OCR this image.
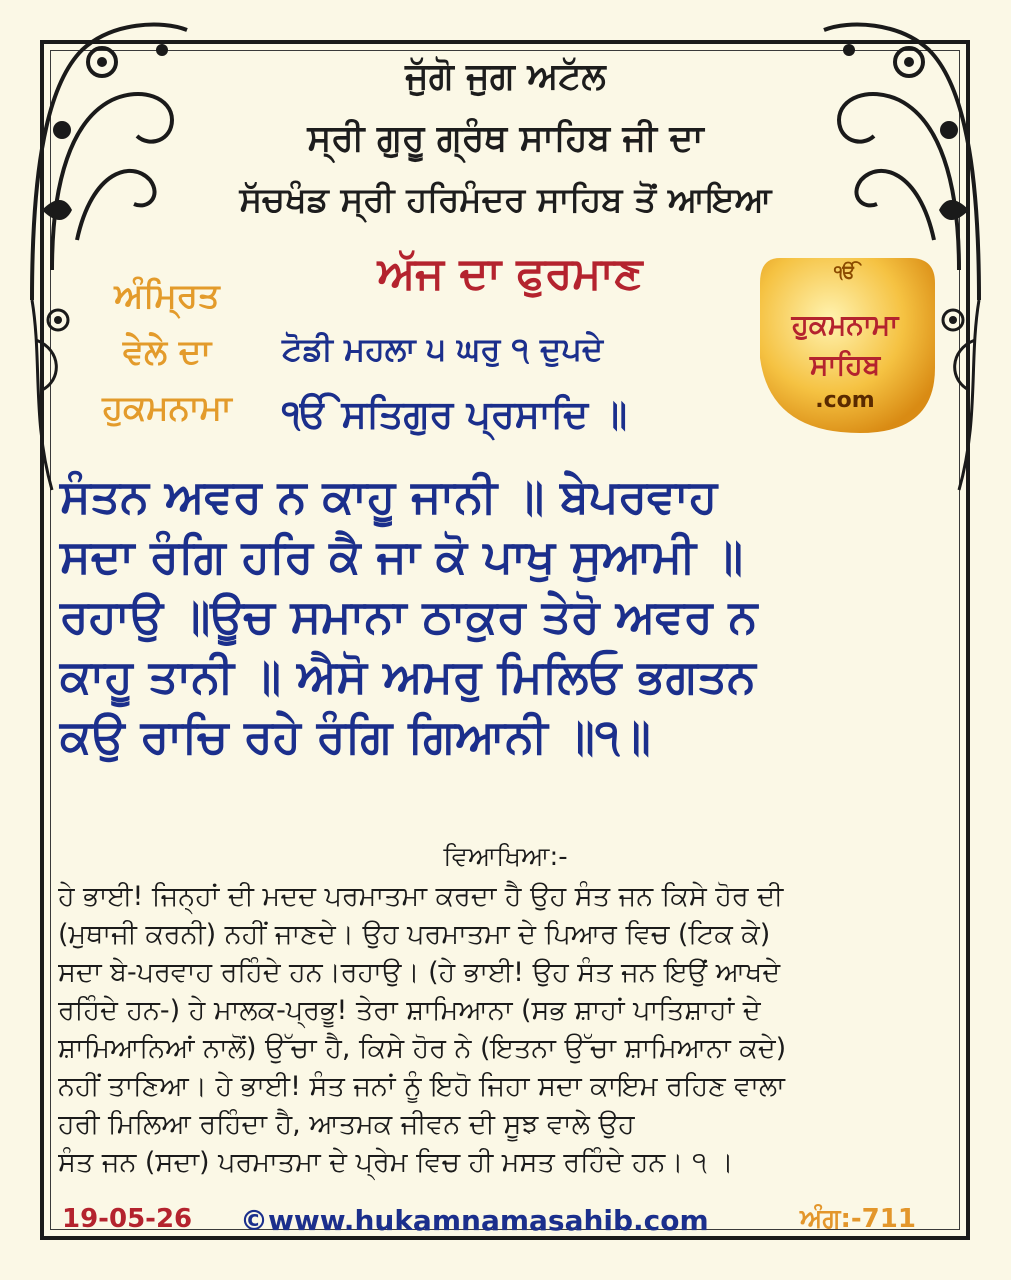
ਜੁੱਗੋ ਜੁਗ ਅਟੱਲ
ਸ੍ਰੀ ਗੁਰੂ ਗ੍ਰੰਥ ਸਾਹਿਬ ਜੀ ਦਾ
ਸੱਚਖੰਡ ਸ੍ਰੀ ਹਰਿਮੰਦਰ ਸਾਹਿਬ ਤੋਂ ਆਇਆ
ਅੱਜ ਦਾ ਫੁਰਮਾਣ
ਅੰਮ੍ਰਿਤ
ਵੇਲੇ ਦਾ
ਹੁਕਮਨਾਮਾ
ਟੋਡੀ ਮਹਲਾ ੫ ਘਰੁ ੧ ਦੁਪਦੇ
ੴ ਸਤਿਗੁਰ ਪ੍ਰਸਾਦਿ ॥
ੴ
ਹੁਕਮਨਾਮਾ
ਸਾਹਿਬ
.com
ਸੰਤਨ ਅਵਰ ਨ ਕਾਹੂ ਜਾਨੀ ॥ ਬੇਪਰਵਾਹ
ਸਦਾ ਰੰਗਿ ਹਰਿ ਕੈ ਜਾ ਕੋ ਪਾਖੁ ਸੁਆਮੀ ॥
ਰਹਾਉ ॥ਊਚ ਸਮਾਨਾ ਠਾਕੁਰ ਤੇਰੋ ਅਵਰ ਨ
ਕਾਹੂ ਤਾਨੀ ॥ ਐਸੋ ਅਮਰੁ ਮਿਲਿਓ ਭਗਤਨ
ਕਉ ਰਾਚਿ ਰਹੇ ਰੰਗਿ ਗਿਆਨੀ ॥੧॥
ਵਿਆਖਿਆ:-
ਹੇ ਭਾਈ! ਜਿਨ੍ਹਾਂ ਦੀ ਮਦਦ ਪਰਮਾਤਮਾ ਕਰਦਾ ਹੈ ਉਹ ਸੰਤ ਜਨ ਕਿਸੇ ਹੋਰ ਦੀ
(ਮੁਥਾਜੀ ਕਰਨੀ) ਨਹੀਂ ਜਾਣਦੇ। ਉਹ ਪਰਮਾਤਮਾ ਦੇ ਪਿਆਰ ਵਿਚ (ਟਿਕ ਕੇ)
ਸਦਾ ਬੇ-ਪਰਵਾਹ ਰਹਿੰਦੇ ਹਨ।ਰਹਾਉ। (ਹੇ ਭਾਈ! ਉਹ ਸੰਤ ਜਨ ਇਉਂ ਆਖਦੇ
ਰਹਿੰਦੇ ਹਨ-) ਹੇ ਮਾਲਕ-ਪ੍ਰਭੂ! ਤੇਰਾ ਸ਼ਾਮਿਆਨਾ (ਸਭ ਸ਼ਾਹਾਂ ਪਾਤਿਸ਼ਾਹਾਂ ਦੇ
ਸ਼ਾਮਿਆਨਿਆਂ ਨਾਲੋਂ) ਉੱਚਾ ਹੈ, ਕਿਸੇ ਹੋਰ ਨੇ (ਇਤਨਾ ਉੱਚਾ ਸ਼ਾਮਿਆਨਾ ਕਦੇ)
ਨਹੀਂ ਤਾਣਿਆ। ਹੇ ਭਾਈ! ਸੰਤ ਜਨਾਂ ਨੂੰ ਇਹੋ ਜਿਹਾ ਸਦਾ ਕਾਇਮ ਰਹਿਣ ਵਾਲਾ
ਹਰੀ ਮਿਲਿਆ ਰਹਿੰਦਾ ਹੈ, ਆਤਮਕ ਜੀਵਨ ਦੀ ਸੂਝ ਵਾਲੇ ਉਹ
ਸੰਤ ਜਨ (ਸਦਾ) ਪਰਮਾਤਮਾ ਦੇ ਪ੍ਰੇਮ ਵਿਚ ਹੀ ਮਸਤ ਰਹਿੰਦੇ ਹਨ। ੧ ।
19-05-26 ©www.hukamnamasahib.com	ਅੰਗ:-711
